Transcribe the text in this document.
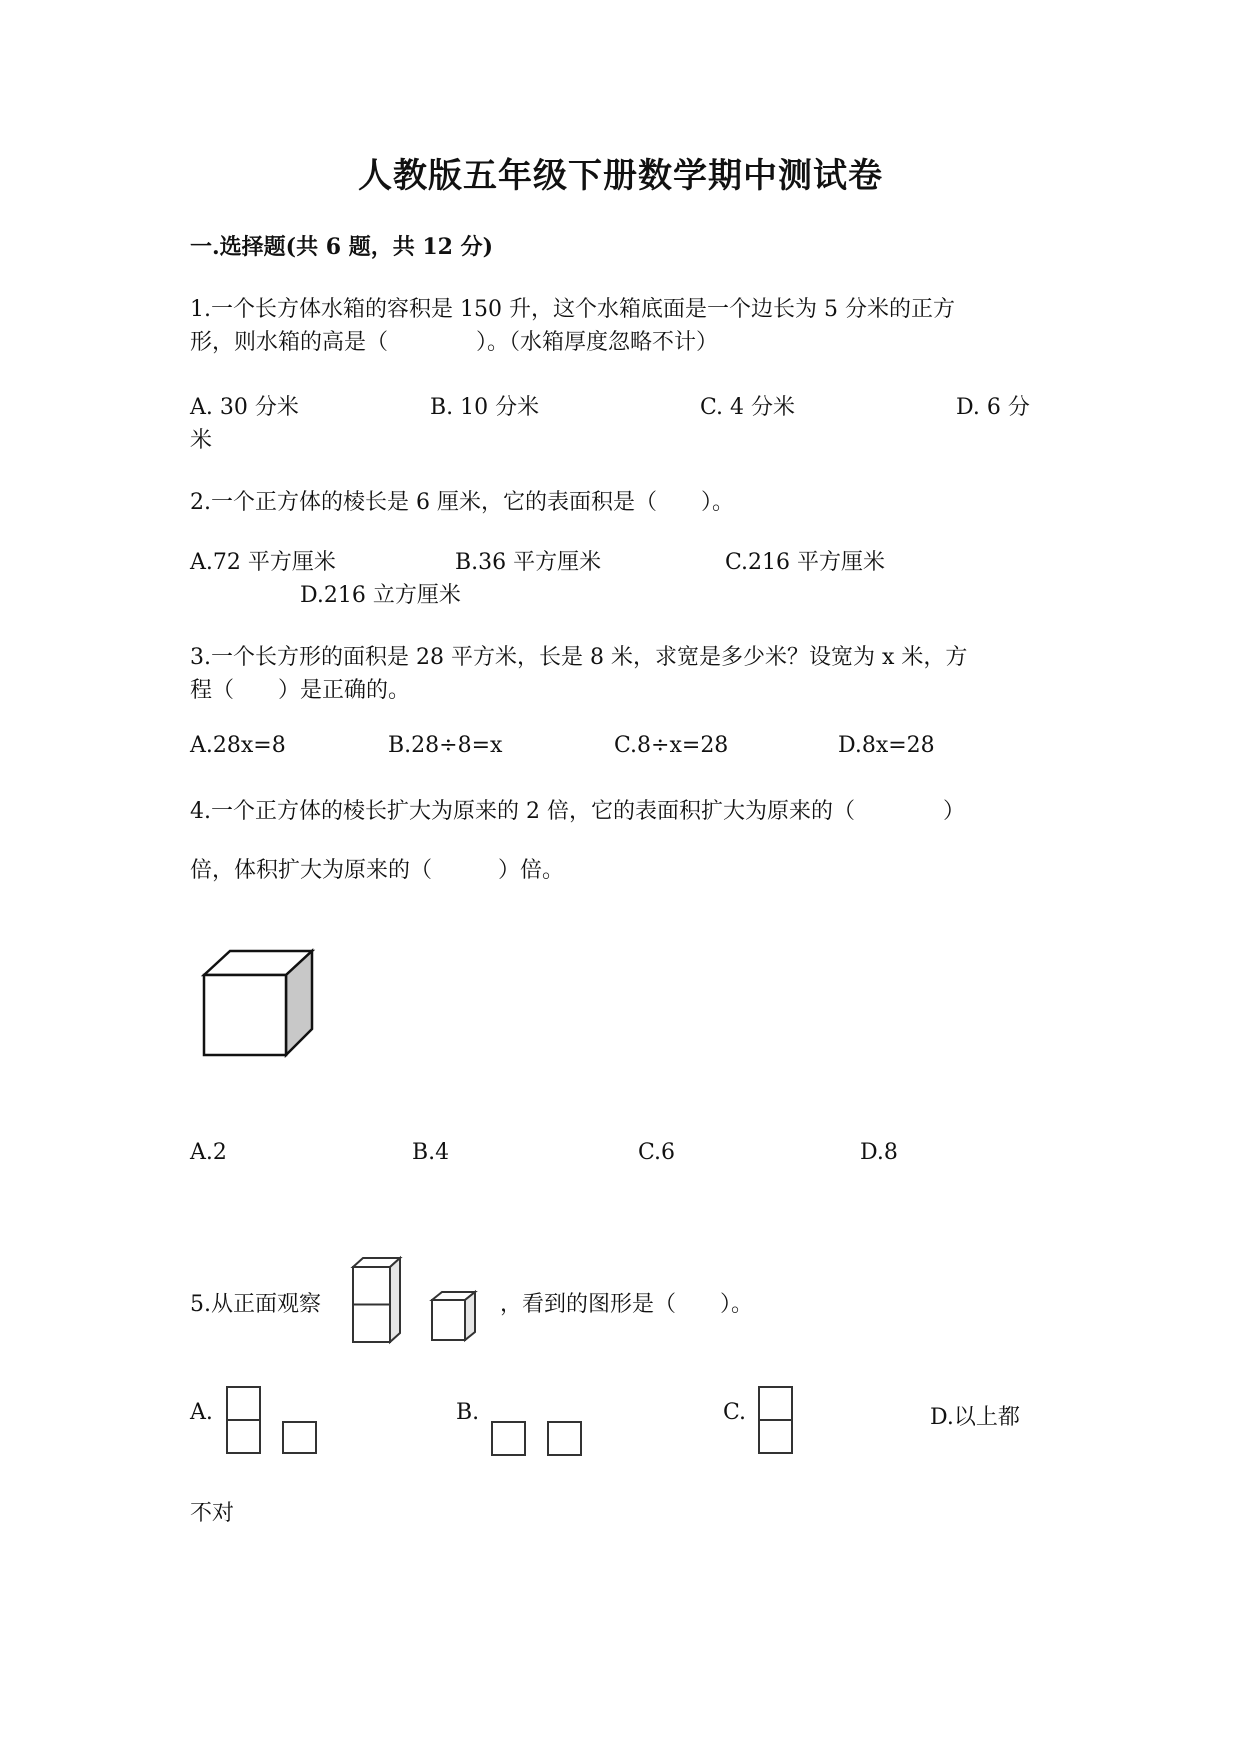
人教版五年级下册数学期中测试卷
一.选择题(共 6 题，共 12 分)
1.一个长方体水箱的容积是 150 升，这个水箱底面是一个边长为 5 分米的正方
形，则水箱的高是（　　　　）。（水箱厚度忽略不计）
A. 30 分米	B. 10 分米	C. 4 分米	D. 6 分
米
2.一个正方体的棱长是 6 厘米，它的表面积是（　　）。
A.72 平方厘米	B.36 平方厘米	C.216 平方厘米
D.216 立方厘米
3.一个长方形的面积是 28 平方米，长是 8 米，求宽是多少米？设宽为 x 米，方
程（　　）是正确的。
A.28x=8	B.28÷8=x	C.8÷x=28	D.8x=28
4.一个正方体的棱长扩大为原来的 2 倍，它的表面积扩大为原来的（　　　　）
倍，体积扩大为原来的（　　　）倍。
A.2	B.4	C.6	D.8
5.从正面观察	，看到的图形是（　　）。
A.	B.	C.	D.以上都
不对
